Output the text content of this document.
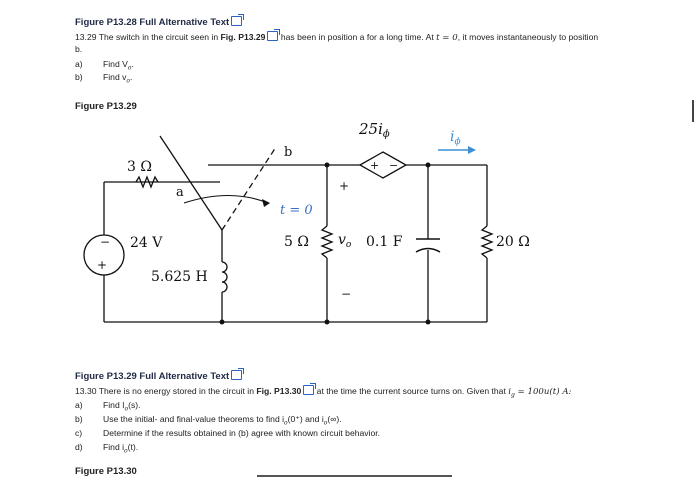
Figure P13.28 Full Alternative Text
13.29 The switch in the circuit seen in Fig. P13.29 has been in position a for a long time. At t = 0, it moves instantaneously to position
b.
a) Find $V_o$.
b) Find $v_o$.
Figure P13.29
3 Ω
a
b
t = 0
24 V
+
−
5.625 H
5 Ω $v_o$
+
−
0.1 F	20 Ω
$25i_\phi$
+ −
$i_\phi$
Figure P13.29 Full Alternative Text
13.30 There is no energy stored in the circuit in Fig. P13.30 at the time the current source turns on. Given that $i_g = 100u(t)$ A:
a) Find $I_o(s)$.
b) Use the initial- and final-value theorems to find $i_o(0^+)$ and $i_o(\infty)$.
c) Determine if the results obtained in (b) agree with known circuit behavior.
d) Find $i_o(t)$.
Figure P13.30
